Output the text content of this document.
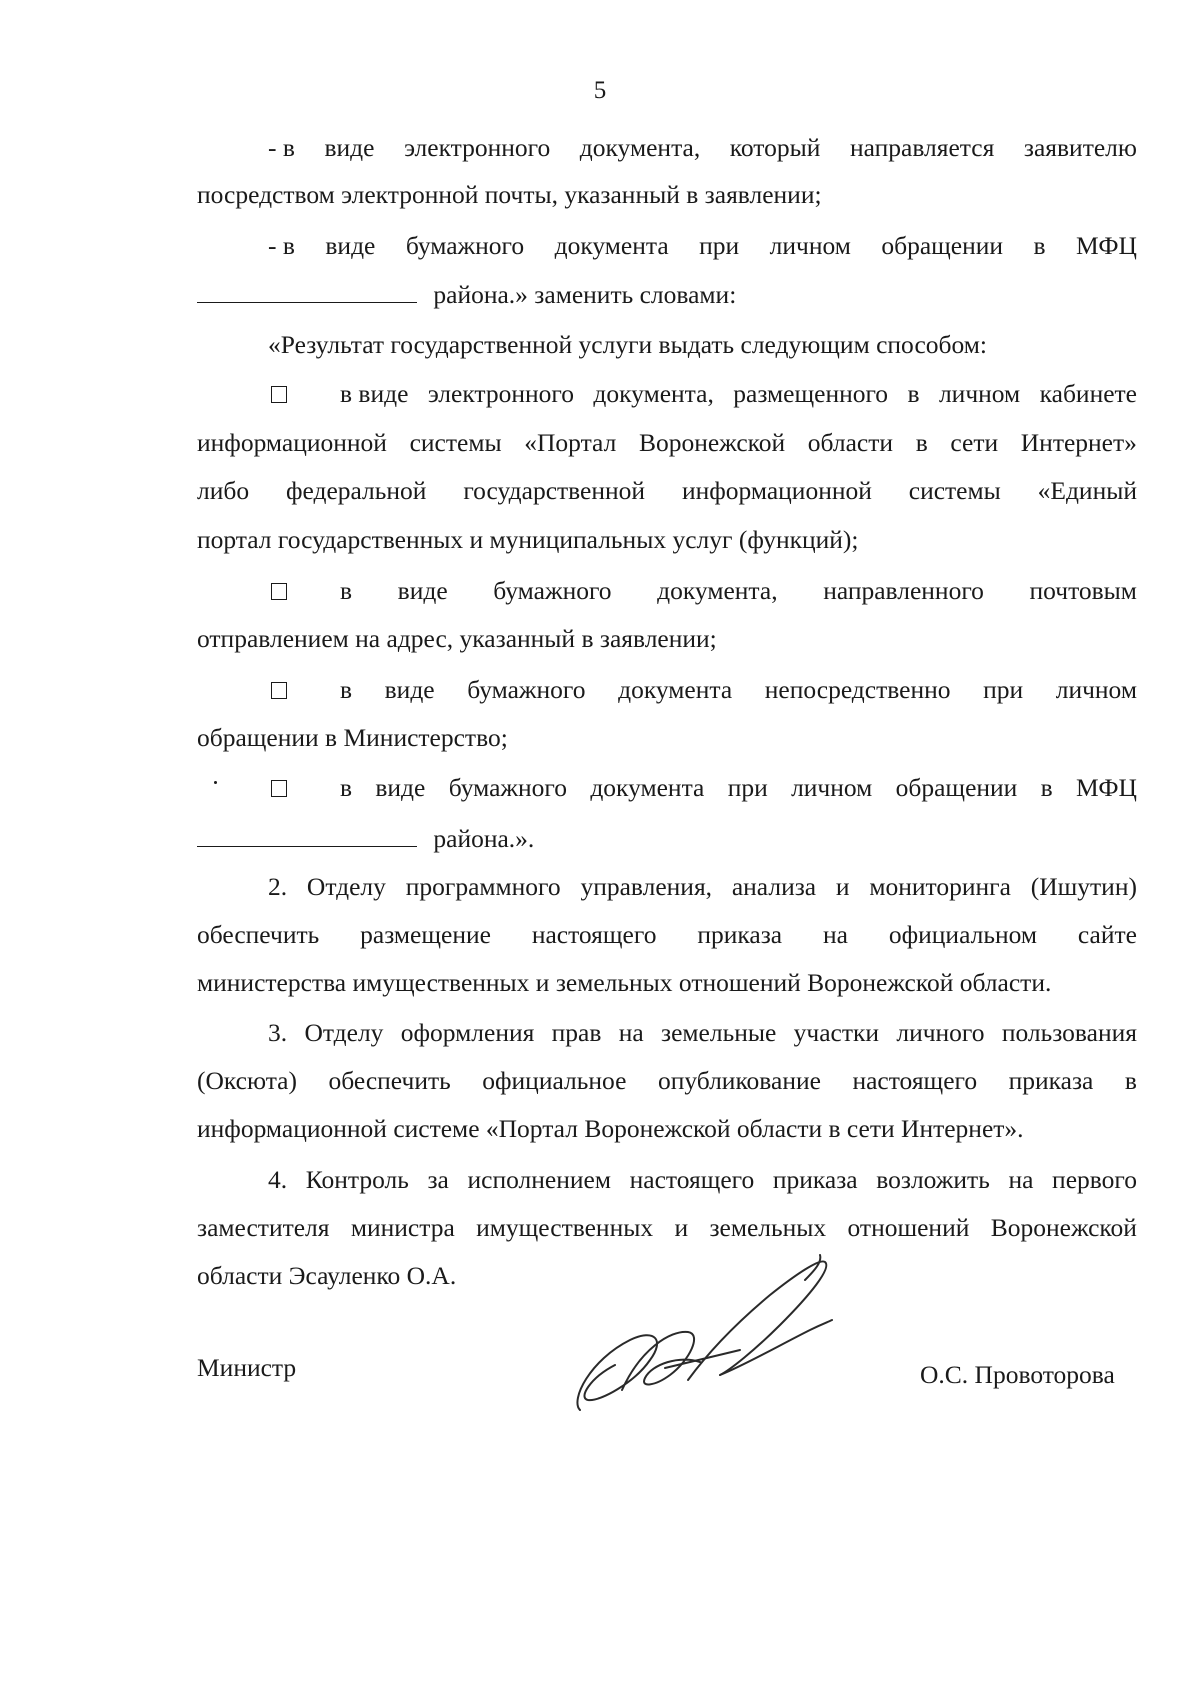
5
- в виде электронного документа, который направляется заявителю
посредством электронной почты, указанный в заявлении;
- в виде бумажного документа при личном обращении в МФЦ
района.» заменить словами:
«Результат государственной услуги выдать следующим способом:
в виде электронного документа, размещенного в личном кабинете
информационной системы «Портал Воронежской области в сети Интернет»
либо федеральной государственной информационной системы «Единый
портал государственных и муниципальных услуг (функций);
в виде бумажного документа, направленного почтовым
отправлением на адрес, указанный в заявлении;
в виде бумажного документа непосредственно при личном
обращении в Министерство;
в виде бумажного документа при личном обращении в МФЦ
района.».
2. Отделу программного управления, анализа и мониторинга (Ишутин)
обеспечить размещение настоящего приказа на официальном сайте
министерства имущественных и земельных отношений Воронежской области.
3. Отделу оформления прав на земельные участки личного пользования
(Оксюта) обеспечить официальное опубликование настоящего приказа в
информационной системе «Портал Воронежской области в сети Интернет».
4. Контроль за исполнением настоящего приказа возложить на первого
заместителя министра имущественных и земельных отношений Воронежской
области Эсауленко О.А.
Министр	О.С. Провоторова
